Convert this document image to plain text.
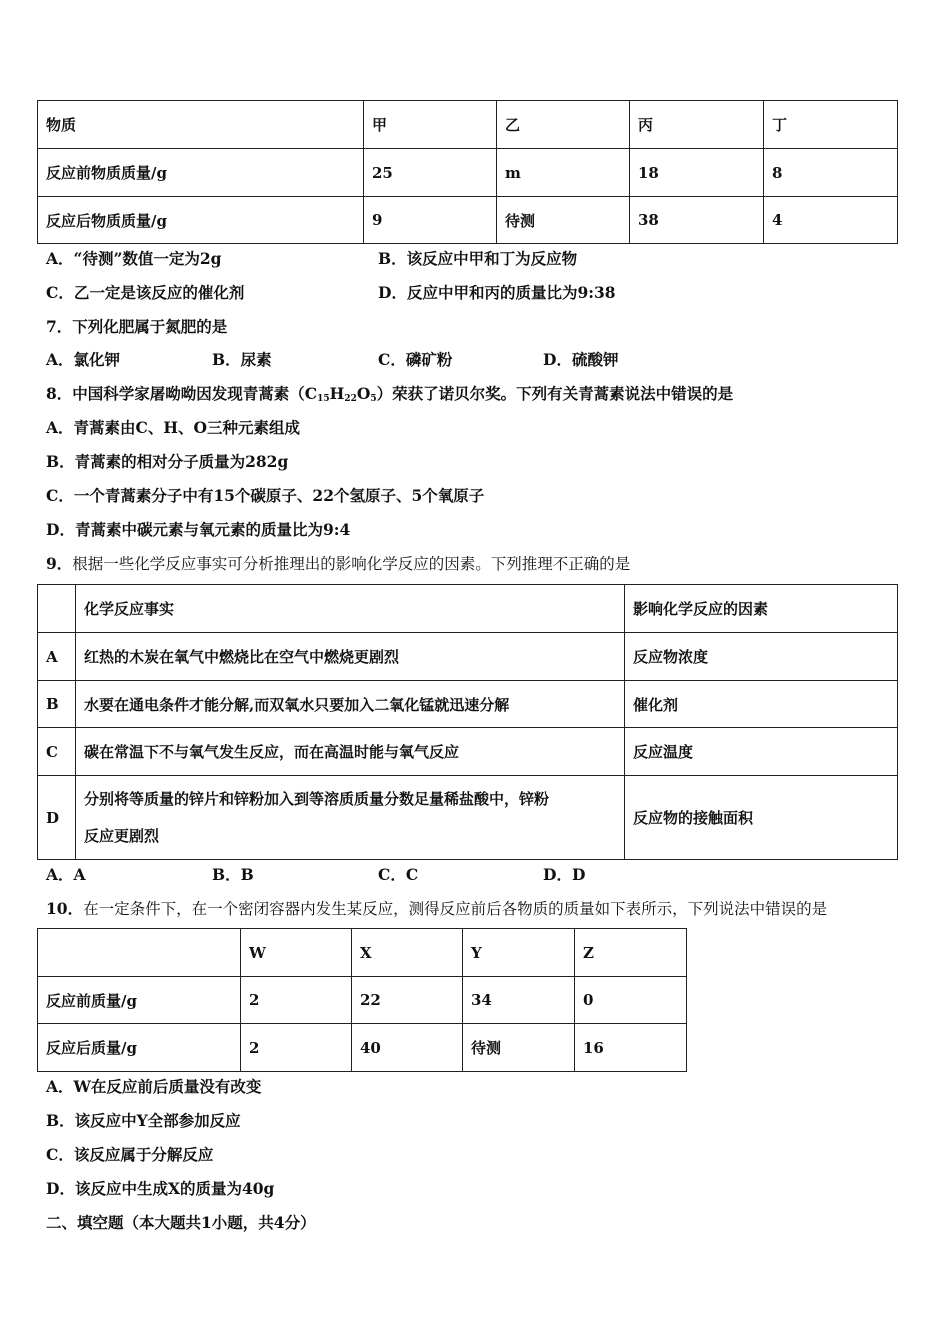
物质	甲	乙	丙	丁
反应前物质质量/g	25	m	18	8
反应后物质质量/g	9	待测	38	4
A．“待测”数值一定为2g	B．该反应中甲和丁为反应物
C．乙一定是该反应的催化剂	D．反应中甲和丙的质量比为9:38
7．下列化肥属于氮肥的是
A．氯化钾	B．尿素	C．磷矿粉	D．硫酸钾
8．中国科学家屠呦呦因发现青蒿素$(C_{15}H_{22}O_5)$荣获了诺贝尔奖。下列有关青蒿素说法中错误的是
A．青蒿素由C、H、O三种元素组成
B．青蒿素的相对分子质量为282g
C．一个青蒿素分子中有15个碳原子、22个氢原子、5个氧原子
D．青蒿素中碳元素与氧元素的质量比为9:4
9．根据一些化学反应事实可分析推理出的影响化学反应的因素。下列推理不正确的是
	化学反应事实	影响化学反应的因素
A	红热的木炭在氧气中燃烧比在空气中燃烧更剧烈	反应物浓度
B	水要在通电条件才能分解,而双氧水只要加入二氧化锰就迅速分解	催化剂
C	碳在常温下不与氧气发生反应，而在高温时能与氧气反应	反应温度
D	分别将等质量的锌片和锌粉加入到等溶质质量分数足量稀盐酸中，锌粉
反应更剧烈	反应物的接触面积
A．A	B．B	C．C	D．D
10．在一定条件下，在一个密闭容器内发生某反应，测得反应前后各物质的质量如下表所示，下列说法中错误的是
	W	X	Y	Z
反应前质量/g	2	22	34	0
反应后质量/g	2	40	待测	16
A．W在反应前后质量没有改变
B．该反应中Y全部参加反应
C．该反应属于分解反应
D．该反应中生成X的质量为40g
二、填空题（本大题共1小题，共4分）
